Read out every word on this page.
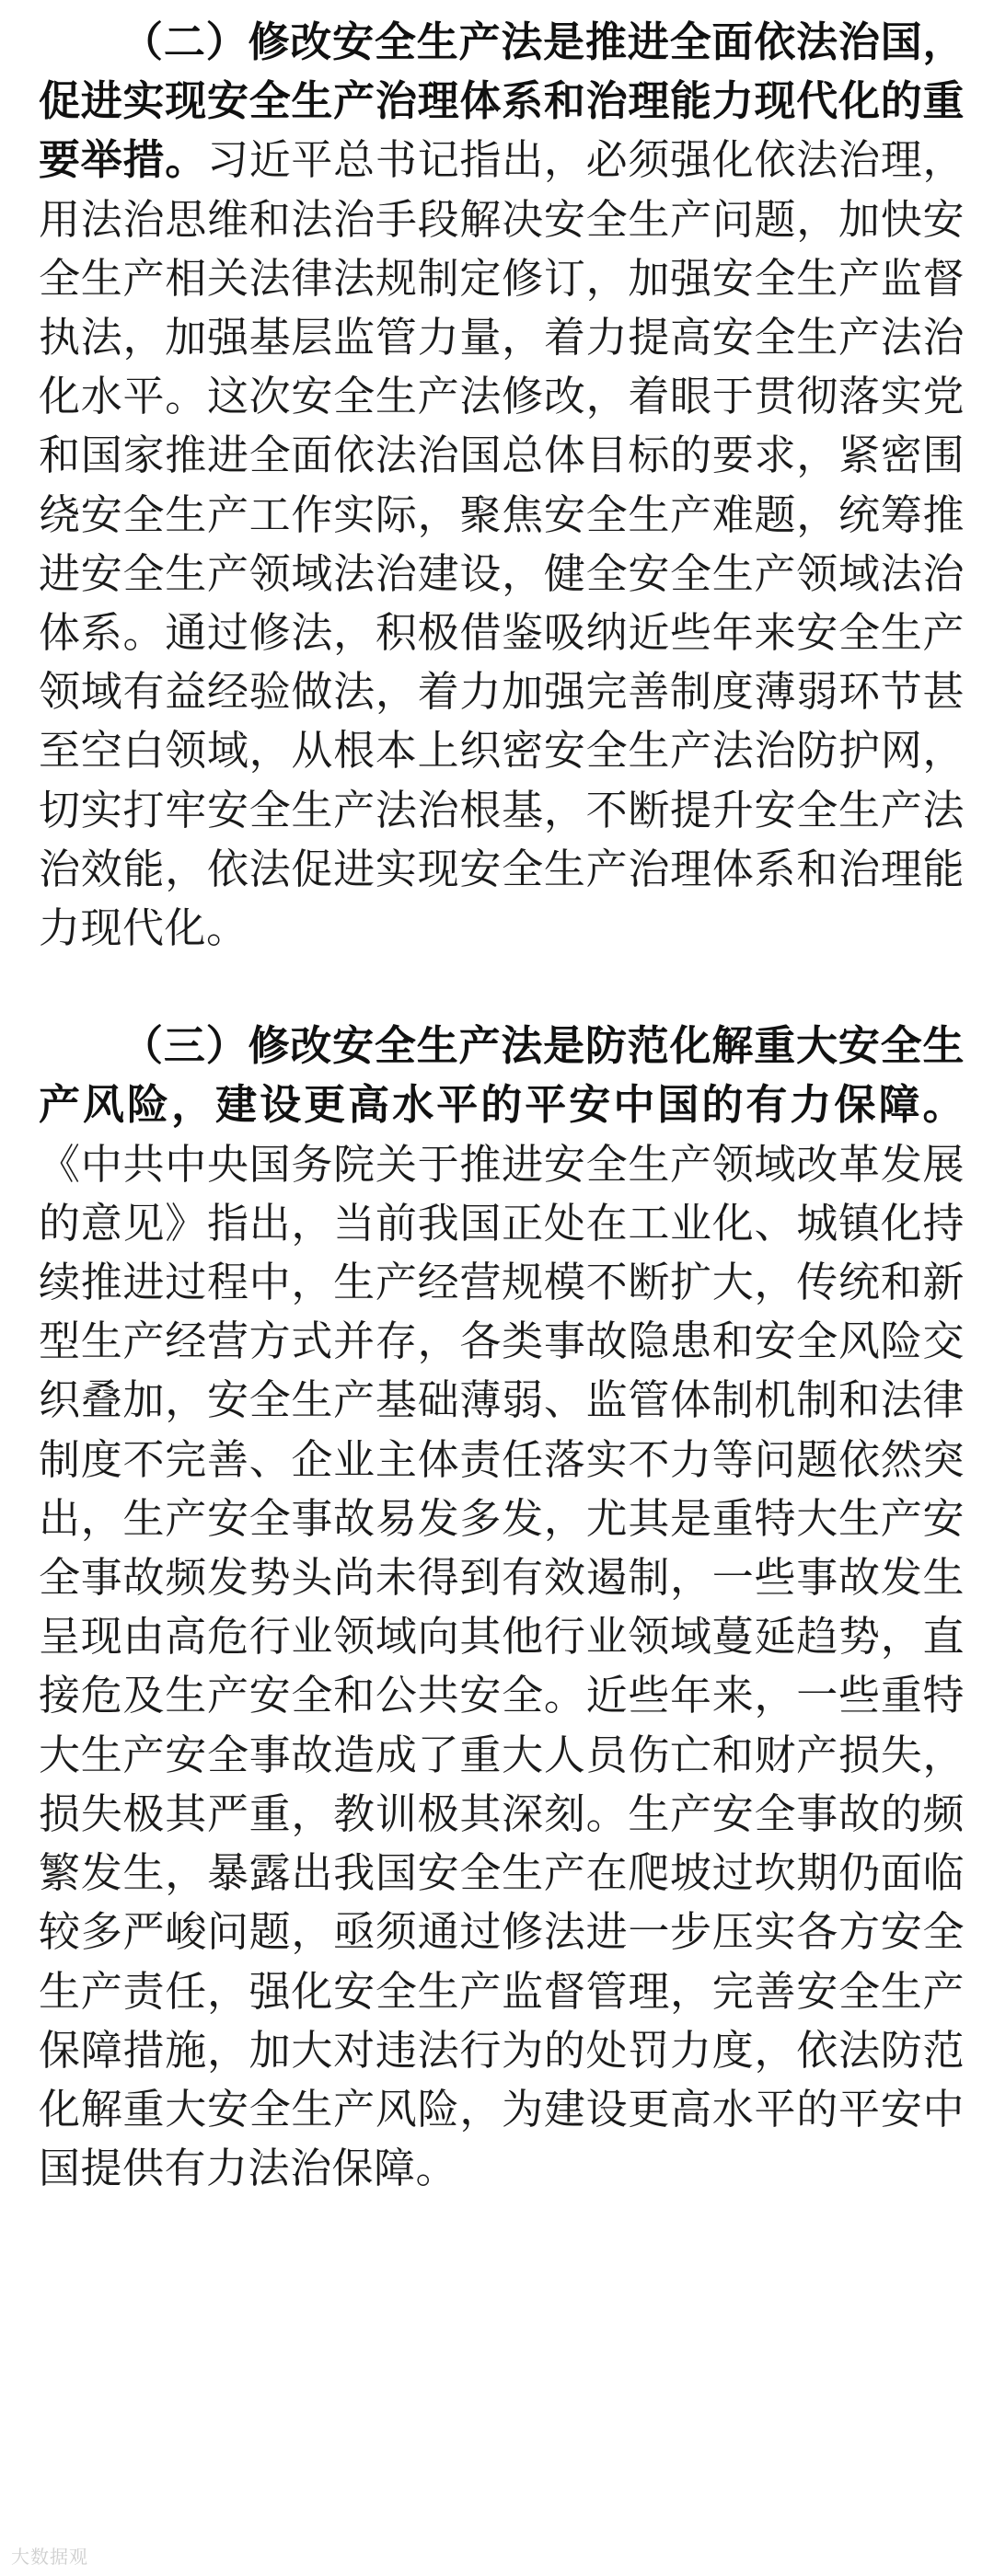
（二）修改安全生产法是推进全面依法治国，促进实现安全生产治理体系和治理能力现代化的重要举措。习近平总书记指出，必须强化依法治理，用法治思维和法治手段解决安全生产问题，加快安全生产相关法律法规制定修订，加强安全生产监督执法，加强基层监管力量，着力提高安全生产法治化水平。这次安全生产法修改，着眼于贯彻落实党和国家推进全面依法治国总体目标的要求，紧密围绕安全生产工作实际，聚焦安全生产难题，统筹推进安全生产领域法治建设，健全安全生产领域法治体系。通过修法，积极借鉴吸纳近些年来安全生产领域有益经验做法，着力加强完善制度薄弱环节甚至空白领域，从根本上织密安全生产法治防护网，切实打牢安全生产法治根基，不断提升安全生产法治效能，依法促进实现安全生产治理体系和治理能力现代化。

（三）修改安全生产法是防范化解重大安全生产风险，建设更高水平的平安中国的有力保障。《中共中央国务院关于推进安全生产领域改革发展的意见》指出，当前我国正处在工业化、城镇化持续推进过程中，生产经营规模不断扩大，传统和新型生产经营方式并存，各类事故隐患和安全风险交织叠加，安全生产基础薄弱、监管体制机制和法律制度不完善、企业主体责任落实不力等问题依然突出，生产安全事故易发多发，尤其是重特大生产安全事故频发势头尚未得到有效遏制，一些事故发生呈现由高危行业领域向其他行业领域蔓延趋势，直接危及生产安全和公共安全。近些年来，一些重特大生产安全事故造成了重大人员伤亡和财产损失，损失极其严重，教训极其深刻。生产安全事故的频繁发生，暴露出我国安全生产在爬坡过坎期仍面临较多严峻问题，亟须通过修法进一步压实各方安全生产责任，强化安全生产监督管理，完善安全生产保障措施，加大对违法行为的处罚力度，依法防范化解重大安全生产风险，为建设更高水平的平安中国提供有力法治保障。

大数据观
